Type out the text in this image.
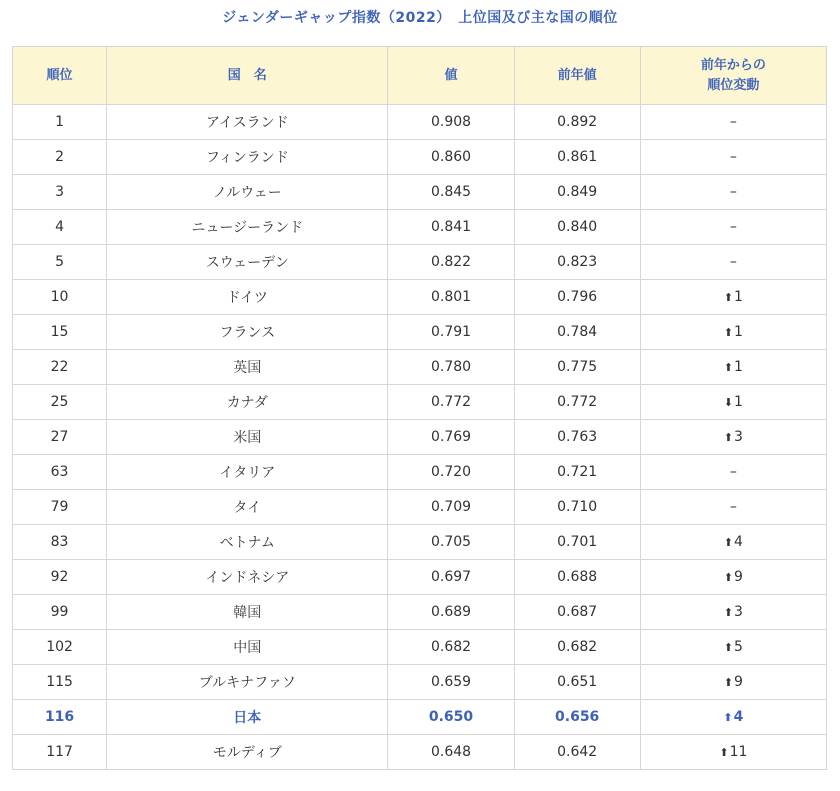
ジェンダーギャップ指数（2022）　上位国及び主な国の順位
順位	国　名	値	前年値	前年からの
順位変動

1	アイスランド	0.908	0.892	–
2	フィンランド	0.860	0.861	–
3	ノルウェー	0.845	0.849	–
4	ニュージーランド	0.841	0.840	–
5	スウェーデン	0.822	0.823	–
10	ドイツ	0.801	0.796	⬆1
15	フランス	0.791	0.784	⬆1
22	英国	0.780	0.775	⬆1
25	カナダ	0.772	0.772	⬇1
27	米国	0.769	0.763	⬆3
63	イタリア	0.720	0.721	–
79	タイ	0.709	0.710	–
83	ベトナム	0.705	0.701	⬆4
92	インドネシア	0.697	0.688	⬆9
99	韓国	0.689	0.687	⬆3
102	中国	0.682	0.682	⬆5
115	ブルキナファソ	0.659	0.651	⬆9
116	日本	0.650	0.656	⬆4
117	モルディブ	0.648	0.642	⬆11
